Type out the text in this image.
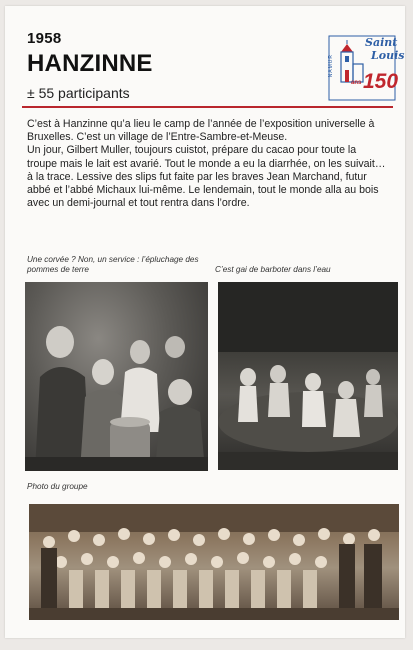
1958
HANZINNE
± 55 participants
Saint
Louis
ans 150
NAMUR

C’est à Hanzinne qu’a lieu le camp de l’année de l’exposition universelle à Bruxelles. C’est un village de l’Entre-Sambre-et-Meuse.

Un jour, Gilbert Muller, toujours cuistot, prépare du cacao pour toute la troupe mais le lait est avarié. Tout le monde a eu la diarrhée, on les suivait… à la trace. Lessive des slips fut faite par les braves Jean Marchand, futur abbé et l’abbé Michaux lui-même. Le lendemain, tout le monde alla au bois avec un demi-journal et tout rentra dans l’ordre.

Une corvée ? Non, un service : l’épluchage des pommes de terre	C’est gai de barboter dans l’eau
Photo du groupe
